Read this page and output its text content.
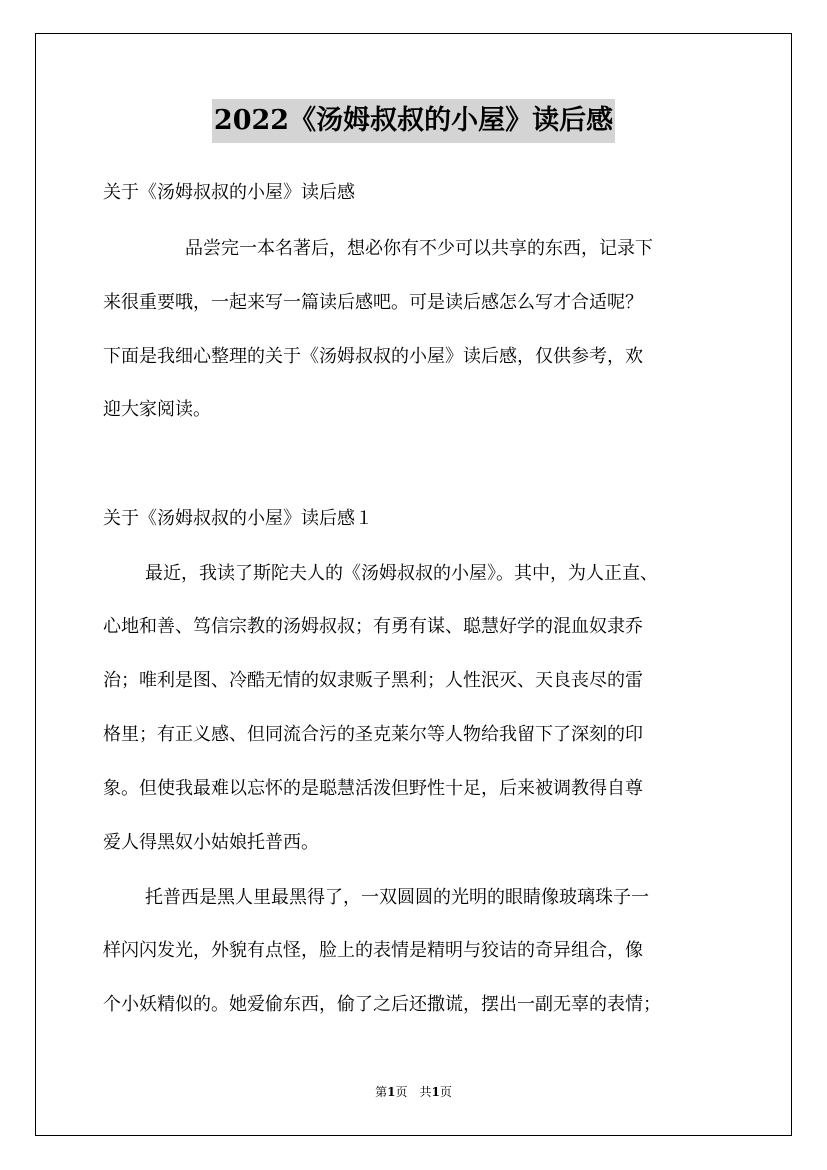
2022《汤姆叔叔的小屋》读后感
关于《汤姆叔叔的小屋》读后感
品尝完一本名著后，想必你有不少可以共享的东西，记录下
来很重要哦，一起来写一篇读后感吧。可是读后感怎么写才合适呢？
下面是我细心整理的关于《汤姆叔叔的小屋》读后感，仅供参考，欢
迎大家阅读。
关于《汤姆叔叔的小屋》读后感１
最近，我读了斯陀夫人的《汤姆叔叔的小屋》。其中，为人正直、
心地和善、笃信宗教的汤姆叔叔；有勇有谋、聪慧好学的混血奴隶乔
治；唯利是图、冷酷无情的奴隶贩子黑利；人性泯灭、天良丧尽的雷
格里；有正义感、但同流合污的圣克莱尔等人物给我留下了深刻的印
象。但使我最难以忘怀的是聪慧活泼但野性十足，后来被调教得自尊
爱人得黑奴小姑娘托普西。
托普西是黑人里最黑得了，一双圆圆的光明的眼睛像玻璃珠子一
样闪闪发光，外貌有点怪，脸上的表情是精明与狡诘的奇异组合，像
个小妖精似的。她爱偷东西，偷了之后还撒谎，摆出一副无辜的表情；
第1页　共1页
